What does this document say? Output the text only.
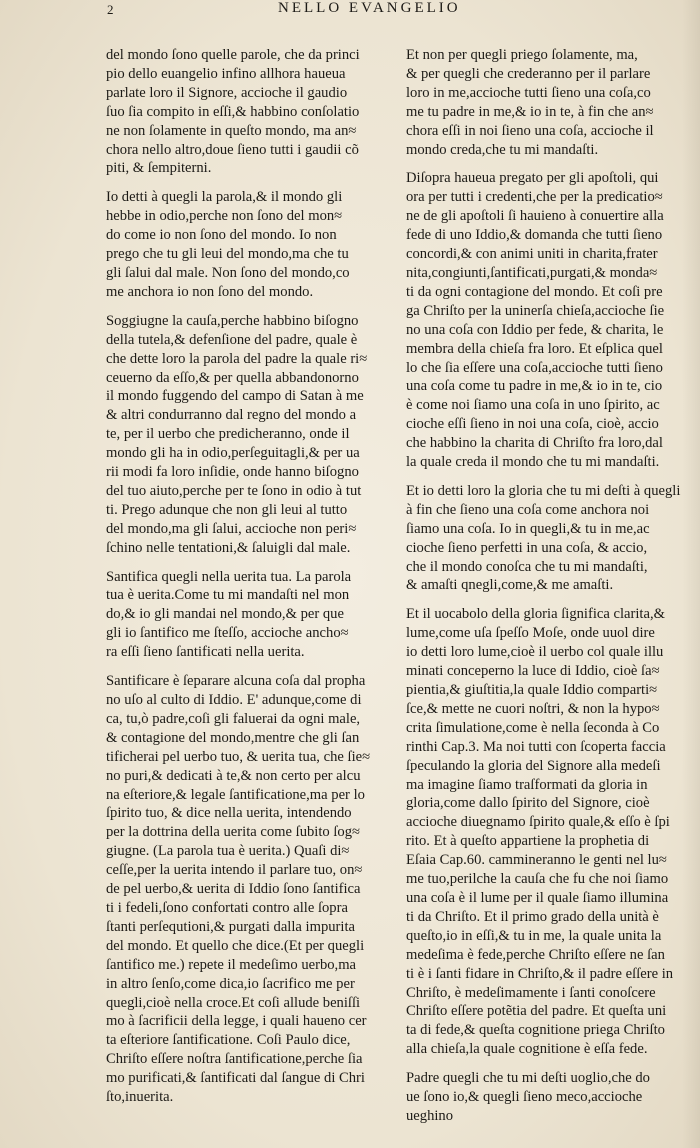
2	NELLO EVANGELIO
del mondo ſono quelle parole, che da princi
pio dello euangelio infino allhora haueua
parlate loro il Signore, accioche il gaudio
ſuo ſia compito in eſſi,& habbino conſolatio
ne non ſolamente in queſto mondo, ma an≈
chora nello altro,doue ſieno tutti i gaudii cõ
piti, & ſempiterni.
Io detti à quegli la parola,& il mondo gli
hebbe in odio,perche non ſono del mon≈
do come io non ſono del mondo. Io non
prego che tu gli leui del mondo,ma che tu
gli ſalui dal male. Non ſono del mondo,co
me anchora io non ſono del mondo.
Soggiugne la cauſa,perche habbino biſogno
della tutela,& defenſione del padre, quale è
che dette loro la parola del padre la quale ri≈
ceuerno da eſſo,& per quella abbandonorno
il mondo fuggendo del campo di Satan à me
& altri condurranno dal regno del mondo a
te, per il uerbo che predicheranno, onde il
mondo gli ha in odio,perſeguitagli,& per ua
rii modi fa loro inſidie, onde hanno biſogno
del tuo aiuto,perche per te ſono in odio à tut
ti. Prego adunque che non gli leui al tutto
del mondo,ma gli ſalui, accioche non peri≈
ſchino nelle tentationi,& ſaluigli dal male.
Santifica quegli nella uerita tua. La parola
tua è uerita.Come tu mi mandaſti nel mon
do,& io gli mandai nel mondo,& per que
gli io ſantifico me ſteſſo, accioche ancho≈
ra eſſi ſieno ſantificati nella uerita.
Santificare è ſeparare alcuna coſa dal propha
no uſo al culto di Iddio. E' adunque,come di
ca, tu,ò padre,coſi gli faluerai da ogni male,
& contagione del mondo,mentre che gli ſan
tificherai pel uerbo tuo, & uerita tua, che ſie≈
no puri,& dedicati à te,& non certo per alcu
na eſteriore,& legale ſantificatione,ma per lo
ſpirito tuo, & dice nella uerita, intendendo
per la dottrina della uerita come ſubito ſog≈
giugne. (La parola tua è uerita.) Quaſi di≈
ceſſe,per la uerita intendo il parlare tuo, on≈
de pel uerbo,& uerita di Iddio ſono ſantifica
ti i fedeli,ſono confortati contro alle ſopra
ſtanti perſequtioni,& purgati dalla impurita
del mondo. Et quello che dice.(Et per quegli
ſantifico me.) repete il medeſimo uerbo,ma
in altro ſenſo,come dica,io ſacrifico me per
quegli,cioè nella croce.Et coſi allude beniſſi
mo à ſacrificii della legge, i quali haueno cer
ta eſteriore ſantificatione. Coſi Paulo dice,
Chriſto eſſere noſtra ſantificatione,perche ſia
mo purificati,& ſantificati dal ſangue di Chri
ſto,inuerita.
Et non per quegli priego ſolamente, ma,
& per quegli che crederanno per il parlare
loro in me,accioche tutti ſieno una coſa,co
me tu padre in me,& io in te, à fin che an≈
chora eſſi in noi ſieno una coſa, accioche il
mondo creda,che tu mi mandaſti.
Diſopra haueua pregato per gli apoſtoli, qui
ora per tutti i credenti,che per la predicatio≈
ne de gli apoſtoli ſi hauieno à conuertire alla
fede di uno Iddio,& domanda che tutti ſieno
concordi,& con animi uniti in charita,frater
nita,congiunti,ſantificati,purgati,& monda≈
ti da ogni contagione del mondo. Et coſi pre
ga Chriſto per la uninerſa chieſa,accioche ſie
no una coſa con Iddio per fede, & charita, le
membra della chieſa fra loro. Et eſplica quel
lo che ſia eſſere una coſa,accioche tutti ſieno
una coſa come tu padre in me,& io in te, cio
è come noi ſiamo una coſa in uno ſpirito, ac
cioche eſſi ſieno in noi una coſa, cioè, accio
che habbino la charita di Chriſto fra loro,dal
la quale creda il mondo che tu mi mandaſti.
Et io detti loro la gloria che tu mi deſti à quegli
à fin che ſieno una coſa come anchora noi
ſiamo una coſa. Io in quegli,& tu in me,ac
cioche ſieno perfetti in una coſa, & accio,
che il mondo conoſca che tu mi mandaſti,
& amaſti qnegli,come,& me amaſti.
Et il uocabolo della gloria ſignifica clarita,&
lume,come uſa ſpeſſo Moſe, onde uuol dire
io detti loro lume,cioè il uerbo col quale illu
minati conceperno la luce di Iddio, cioè ſa≈
pientia,& giuſtitia,la quale Iddio comparti≈
ſce,& mette ne cuori noſtri, & non la hypo≈
crita ſimulatione,come è nella ſeconda à Co
rinthi Cap.3. Ma noi tutti con ſcoperta faccia
ſpeculando la gloria del Signore alla medeſi
ma imagine ſiamo traſformati da gloria in
gloria,come dallo ſpirito del Signore, cioè
accioche diuegnamo ſpirito quale,& eſſo è ſpi
rito. Et à queſto appartiene la prophetia di
Eſaia Cap.60. cammineranno le genti nel lu≈
me tuo,perilche la cauſa che fu che noi ſiamo
una coſa è il lume per il quale ſiamo illumina
ti da Chriſto. Et il primo grado della unità è
queſto,io in eſſi,& tu in me, la quale unita la
medeſima è fede,perche Chriſto eſſere ne ſan
ti è i ſanti fidare in Chriſto,& il padre eſſere in
Chriſto, è medeſimamente i ſanti conoſcere
Chriſto eſſere potẽtia del padre. Et queſta uni
ta di fede,& queſta cognitione priega Chriſto
alla chieſa,la quale cognitione è eſſa fede.
Padre quegli che tu mi deſti uoglio,che do
ue ſono io,& quegli ſieno meco,accioche
ueghino
